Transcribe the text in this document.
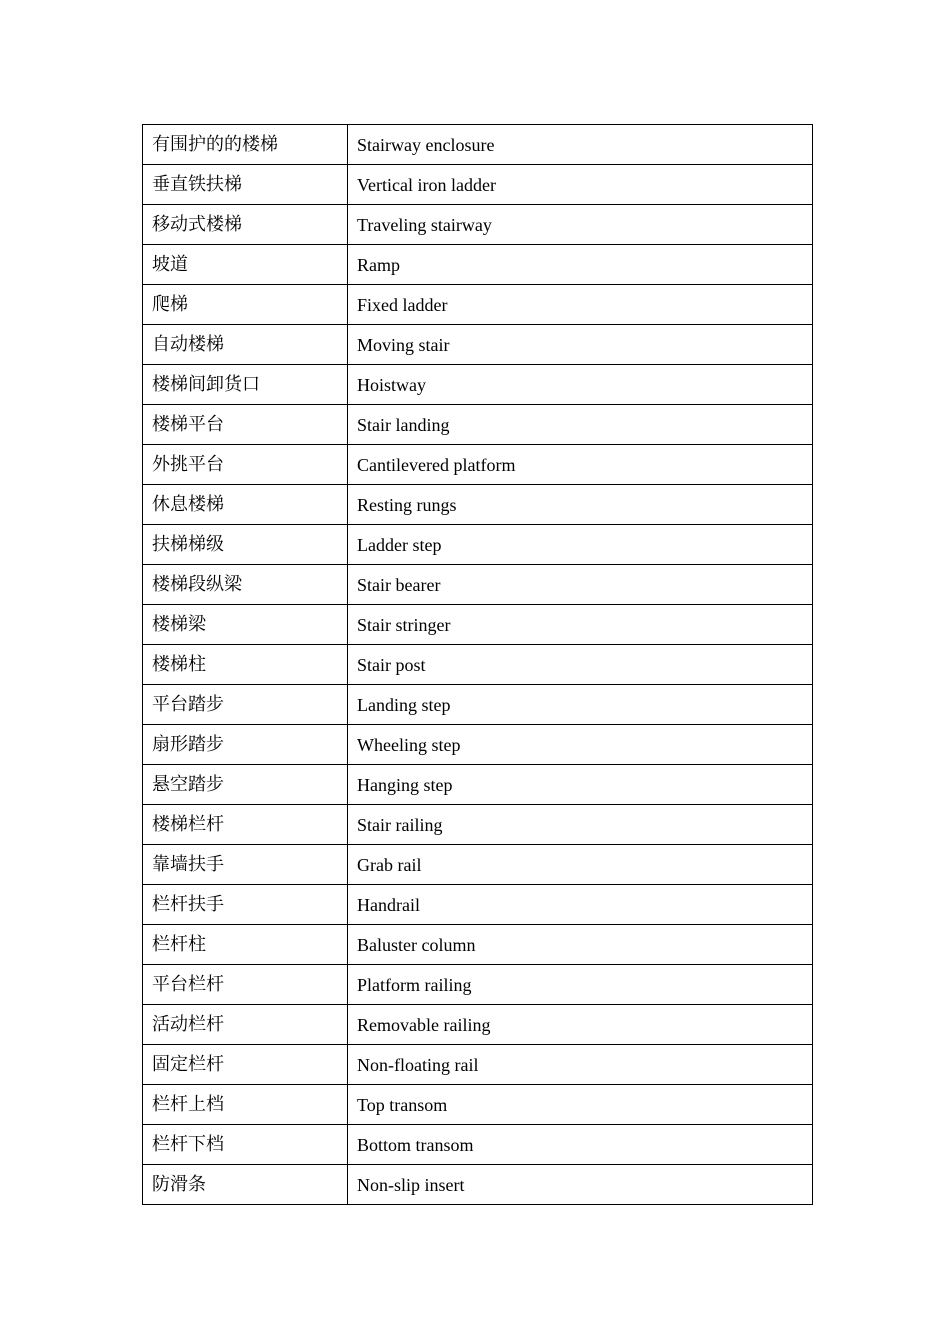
有围护的的楼梯	Stairway enclosure
垂直铁扶梯	Vertical iron ladder
移动式楼梯	Traveling stairway
坡道	Ramp
爬梯	Fixed ladder
自动楼梯	Moving stair
楼梯间卸货口	Hoistway
楼梯平台	Stair landing
外挑平台	Cantilevered platform
休息楼梯	Resting rungs
扶梯梯级	Ladder step
楼梯段纵梁	Stair bearer
楼梯梁	Stair stringer
楼梯柱	Stair post
平台踏步	Landing step
扇形踏步	Wheeling step
悬空踏步	Hanging step
楼梯栏杆	Stair railing
靠墙扶手	Grab rail
栏杆扶手	Handrail
栏杆柱	Baluster column
平台栏杆	Platform railing
活动栏杆	Removable railing
固定栏杆	Non-floating rail
栏杆上档	Top transom
栏杆下档	Bottom transom
防滑条	Non-slip insert
